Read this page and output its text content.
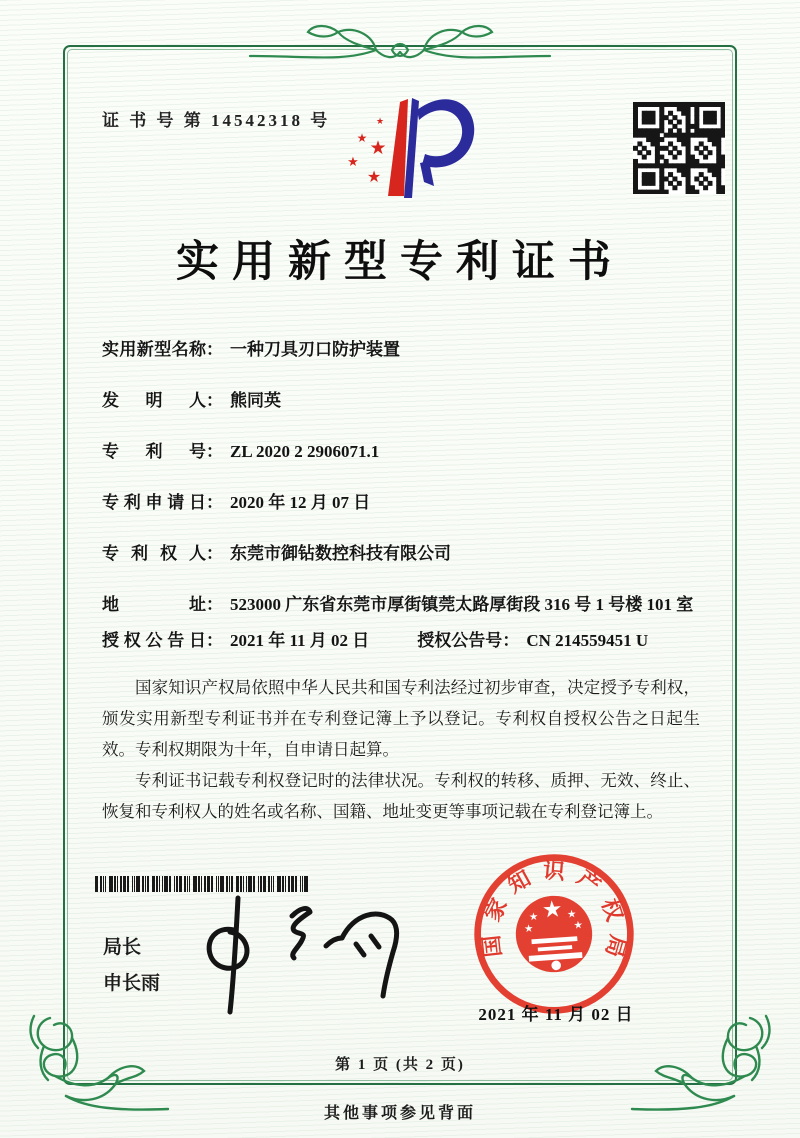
证 书 号 第 14542318 号	★
★ ★
★
★
实用新型专利证书
实用新型名称 ： 一种刀具刃口防护装置
发明人 ： 熊同英
专利号 ： ZL 2020 2 2906071.1
专利申请日 ： 2020 年 12 月 07 日
专利权人 ： 东莞市御钻数控科技有限公司
地址 ： 523000 广东省东莞市厚街镇莞太路厚街段 316 号 1 号楼 101 室
授权公告日 ： 2021 年 11 月 02 日	授权公告号 ： CN 214559451 U

国家知识产权局依照中华人民共和国专利法经过初步审查，决定授予专利权，颁发实用新型专利证书并在专利登记簿上予以登记。专利权自授权公告之日起生效。专利权期限为十年，自申请日起算。

专利证书记载专利权登记时的法律状况。专利权的转移、质押、无效、终止、恢复和专利权人的姓名或名称、国籍、地址变更等事项记载在专利登记簿上。

局长
申长雨
国家知识产权局
★
★	★
★	★
2021 年 11 月 02 日
第 1 页 (共 2 页)
其他事项参见背面
